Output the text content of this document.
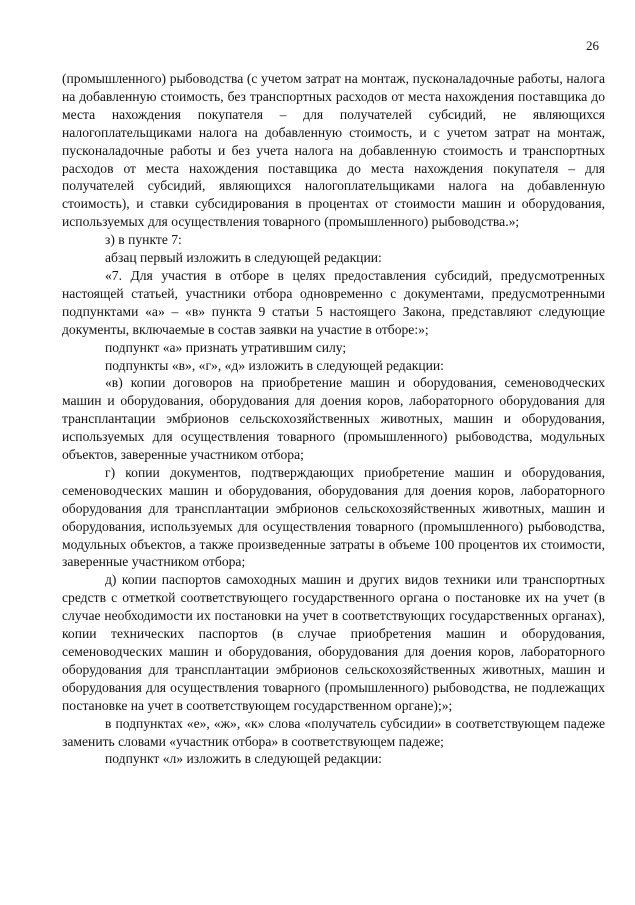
26

(промышленного) рыбоводства (с учетом затрат на монтаж, пусконаладочные работы, налога на добавленную стоимость, без транспортных расходов от места нахождения поставщика до места нахождения покупателя – для получателей субсидий, не являющихся налогоплательщиками налога на добавленную стоимость, и с учетом затрат на монтаж, пусконаладочные работы и без учета налога на добавленную стоимость и транспортных расходов от места нахождения поставщика до места нахождения покупателя – для получателей субсидий, являющихся налогоплательщиками налога на добавленную стоимость), и ставки субсидирования в процентах от стоимости машин и оборудования, используемых для осуществления товарного (промышленного) рыбоводства.»;

з) в пункте 7:

абзац первый изложить в следующей редакции:

«7. Для участия в отборе в целях предоставления субсидий, предусмотренных настоящей статьей, участники отбора одновременно с документами, предусмотренными подпунктами «а» – «в» пункта 9 статьи 5 настоящего Закона, представляют следующие документы, включаемые в состав заявки на участие в отборе:»;

подпункт «а» признать утратившим силу;

подпункты «в», «г», «д» изложить в следующей редакции:

«в) копии договоров на приобретение машин и оборудования, семеноводческих машин и оборудования, оборудования для доения коров, лабораторного оборудования для трансплантации эмбрионов сельскохозяйственных животных, машин и оборудования, используемых для осуществления товарного (промышленного) рыбоводства, модульных объектов, заверенные участником отбора;

г) копии документов, подтверждающих приобретение машин и оборудования, семеноводческих машин и оборудования, оборудования для доения коров, лабораторного оборудования для трансплантации эмбрионов сельскохозяйственных животных, машин и оборудования, используемых для осуществления товарного (промышленного) рыбоводства, модульных объектов, а также произведенные затраты в объеме 100 процентов их стоимости, заверенные участником отбора;

д) копии паспортов самоходных машин и других видов техники или транспортных средств с отметкой соответствующего государственного органа о постановке их на учет (в случае необходимости их постановки на учет в соответствующих государственных органах), копии технических паспортов (в случае приобретения машин и оборудования, семеноводческих машин и оборудования, оборудования для доения коров, лабораторного оборудования для трансплантации эмбрионов сельскохозяйственных животных, машин и оборудования для осуществления товарного (промышленного) рыбоводства, не подлежащих постановке на учет в соответствующем государственном органе);»;

в подпунктах «е», «ж», «к» слова «получатель субсидии» в соответствующем падеже заменить словами «участник отбора» в соответствующем падеже;

подпункт «л» изложить в следующей редакции:
